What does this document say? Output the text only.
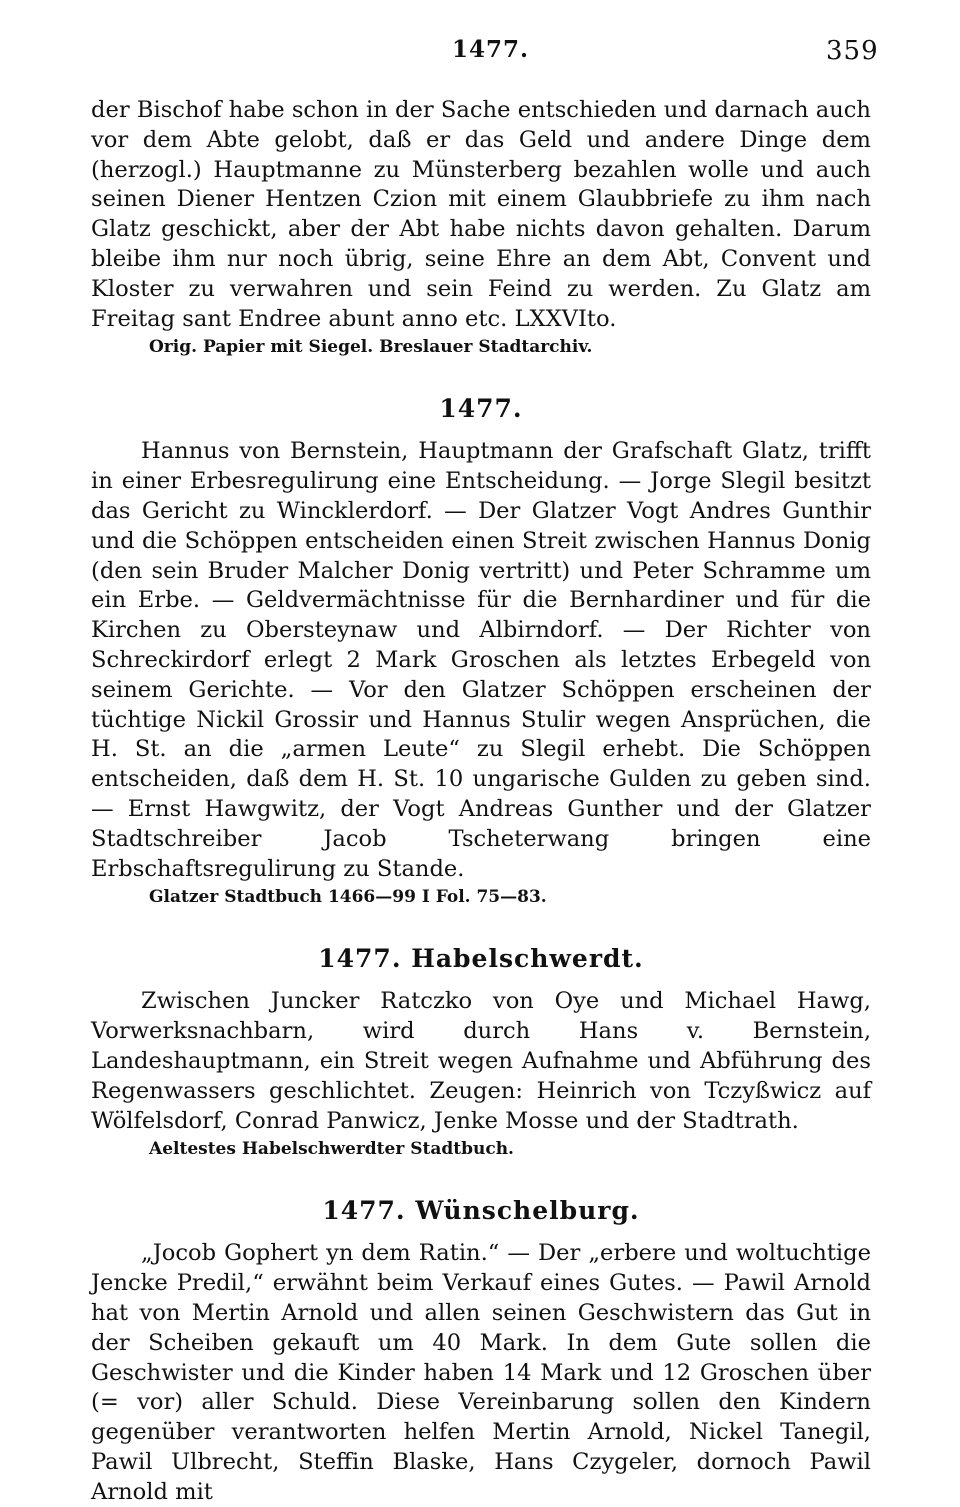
1477.	359

der Bischof habe schon in der Sache entschieden und darnach auch vor dem Abte gelobt, daß er das Geld und andere Dinge dem (herzogl.) Hauptmanne zu Münsterberg bezahlen wolle und auch seinen Diener Hentzen Czion mit einem Glaubbriefe zu ihm nach Glatz geschickt, aber der Abt habe nichts davon gehalten. Darum bleibe ihm nur noch übrig, seine Ehre an dem Abt, Convent und Kloster zu verwahren und sein Feind zu werden. Zu Glatz am Freitag sant Endree abunt anno etc. LXXVIto.

Orig. Papier mit Siegel. Breslauer Stadtarchiv.

1477.

Hannus von Bernstein, Hauptmann der Grafschaft Glatz, trifft in einer Erbesregulirung eine Entscheidung. — Jorge Slegil besitzt das Gericht zu Wincklerdorf. — Der Glatzer Vogt Andres Gunthir und die Schöppen entscheiden einen Streit zwischen Hannus Donig (den sein Bruder Malcher Donig vertritt) und Peter Schramme um ein Erbe. — Geldvermächtnisse für die Bernhardiner und für die Kirchen zu Obersteynaw und Albirndorf. — Der Richter von Schreckirdorf erlegt 2 Mark Groschen als letztes Erbegeld von seinem Gerichte. — Vor den Glatzer Schöppen erscheinen der tüchtige Nickil Grossir und Hannus Stulir wegen Ansprüchen, die H. St. an die „armen Leute“ zu Slegil erhebt. Die Schöppen entscheiden, daß dem H. St. 10 ungarische Gulden zu geben sind. — Ernst Hawgwitz, der Vogt Andreas Gunther und der Glatzer Stadtschreiber Jacob Tscheterwang bringen eine Erbschaftsregulirung zu Stande.

Glatzer Stadtbuch 1466—99 I Fol. 75—83.

1477. Habelschwerdt.

Zwischen Juncker Ratczko von Oye und Michael Hawg, Vorwerksnachbarn, wird durch Hans v. Bernstein, Landeshauptmann, ein Streit wegen Aufnahme und Abführung des Regenwassers geschlichtet. Zeugen: Heinrich von Tczyßwicz auf Wölfelsdorf, Conrad Panwicz, Jenke Mosse und der Stadtrath.

Aeltestes Habelschwerdter Stadtbuch.

1477. Wünschelburg.

„Jocob Gophert yn dem Ratin.“ — Der „erbere und woltuchtige Jencke Predil,“ erwähnt beim Verkauf eines Gutes. — Pawil Arnold hat von Mertin Arnold und allen seinen Geschwistern das Gut in der Scheiben gekauft um 40 Mark. In dem Gute sollen die Geschwister und die Kinder haben 14 Mark und 12 Groschen über (= vor) aller Schuld. Diese Vereinbarung sollen den Kindern gegenüber verantworten helfen Mertin Arnold, Nickel Tanegil, Pawil Ulbrecht, Steffin Blaske, Hans Czygeler, dornoch Pawil Arnold mit
